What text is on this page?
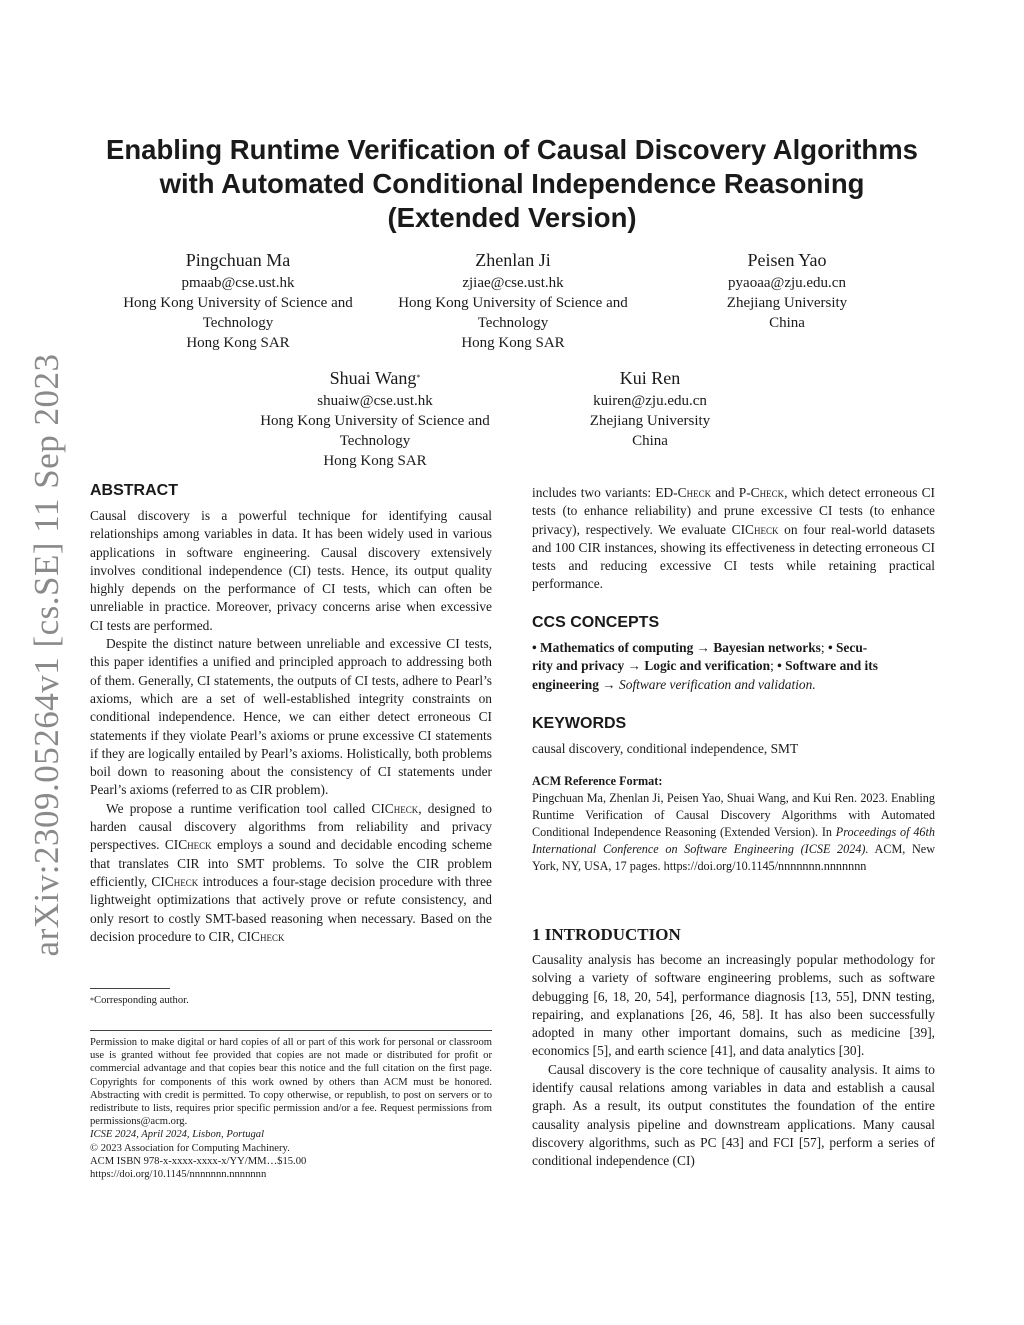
arXiv:2309.05264v1 [cs.SE] 11 Sep 2023
Enabling Runtime Verification of Causal Discovery Algorithms
with Automated Conditional Independence Reasoning
(Extended Version)
Pingchuan Ma
pmaab@cse.ust.hk
Hong Kong University of Science and
Technology
Hong Kong SAR
Zhenlan Ji
zjiae@cse.ust.hk
Hong Kong University of Science and
Technology
Hong Kong SAR
Peisen Yao
pyaoaa@zju.edu.cn
Zhejiang University
China
Shuai Wang*
shuaiw@cse.ust.hk
Hong Kong University of Science and
Technology
Hong Kong SAR
Kui Ren
kuiren@zju.edu.cn
Zhejiang University
China
ABSTRACT

Causal discovery is a powerful technique for identifying causal relationships among variables in data. It has been widely used in various applications in software engineering. Causal discovery extensively involves conditional independence (CI) tests. Hence, its output quality highly depends on the performance of CI tests, which can often be unreliable in practice. Moreover, privacy concerns arise when excessive CI tests are performed.

Despite the distinct nature between unreliable and excessive CI tests, this paper identifies a unified and principled approach to addressing both of them. Generally, CI statements, the outputs of CI tests, adhere to Pearl’s axioms, which are a set of well-established integrity constraints on conditional independence. Hence, we can either detect erroneous CI statements if they violate Pearl’s axioms or prune excessive CI statements if they are logically entailed by Pearl’s axioms. Holistically, both problems boil down to reasoning about the consistency of CI statements under Pearl’s axioms (referred to as CIR problem).

We propose a runtime verification tool called CICheck, designed to harden causal discovery algorithms from reliability and privacy perspectives. CICheck employs a sound and decidable encoding scheme that translates CIR into SMT problems. To solve the CIR problem efficiently, CICheck introduces a four-stage decision procedure with three lightweight optimizations that actively prove or refute consistency, and only resort to costly SMT-based reasoning when necessary. Based on the decision procedure to CIR, CICheck

*Corresponding author.

Permission to make digital or hard copies of all or part of this work for personal or classroom use is granted without fee provided that copies are not made or distributed for profit or commercial advantage and that copies bear this notice and the full citation on the first page. Copyrights for components of this work owned by others than ACM must be honored. Abstracting with credit is permitted. To copy otherwise, or republish, to post on servers or to redistribute to lists, requires prior specific permission and/or a fee. Request permissions from permissions@acm.org.

ICSE 2024, April 2024, Lisbon, Portugal

© 2023 Association for Computing Machinery.

ACM ISBN 978-x-xxxx-xxxx-x/YY/MM…$15.00

https://doi.org/10.1145/nnnnnnn.nnnnnnn

includes two variants: ED-Check and P-Check, which detect erroneous CI tests (to enhance reliability) and prune excessive CI tests (to enhance privacy), respectively. We evaluate CICheck on four real-world datasets and 100 CIR instances, showing its effectiveness in detecting erroneous CI tests and reducing excessive CI tests while retaining practical performance.

CCS CONCEPTS

• Mathematics of computing → Bayesian networks; • Secu-
rity and privacy → Logic and verification; • Software and its
engineering → Software verification and validation.

KEYWORDS

causal discovery, conditional independence, SMT

ACM Reference Format:

Pingchuan Ma, Zhenlan Ji, Peisen Yao, Shuai Wang, and Kui Ren. 2023. Enabling Runtime Verification of Causal Discovery Algorithms with Automated Conditional Independence Reasoning (Extended Version). In Proceedings of 46th International Conference on Software Engineering (ICSE 2024). ACM, New York, NY, USA, 17 pages. https://doi.org/10.1145/nnnnnnn.nnnnnnn

1 INTRODUCTION

Causality analysis has become an increasingly popular methodology for solving a variety of software engineering problems, such as software debugging [6, 18, 20, 54], performance diagnosis [13, 55], DNN testing, repairing, and explanations [26, 46, 58]. It has also been successfully adopted in many other important domains, such as medicine [39], economics [5], and earth science [41], and data analytics [30].

Causal discovery is the core technique of causality analysis. It aims to identify causal relations among variables in data and establish a causal graph. As a result, its output constitutes the foundation of the entire causality analysis pipeline and downstream applications. Many causal discovery algorithms, such as PC [43] and FCI [57], perform a series of conditional independence (CI)
